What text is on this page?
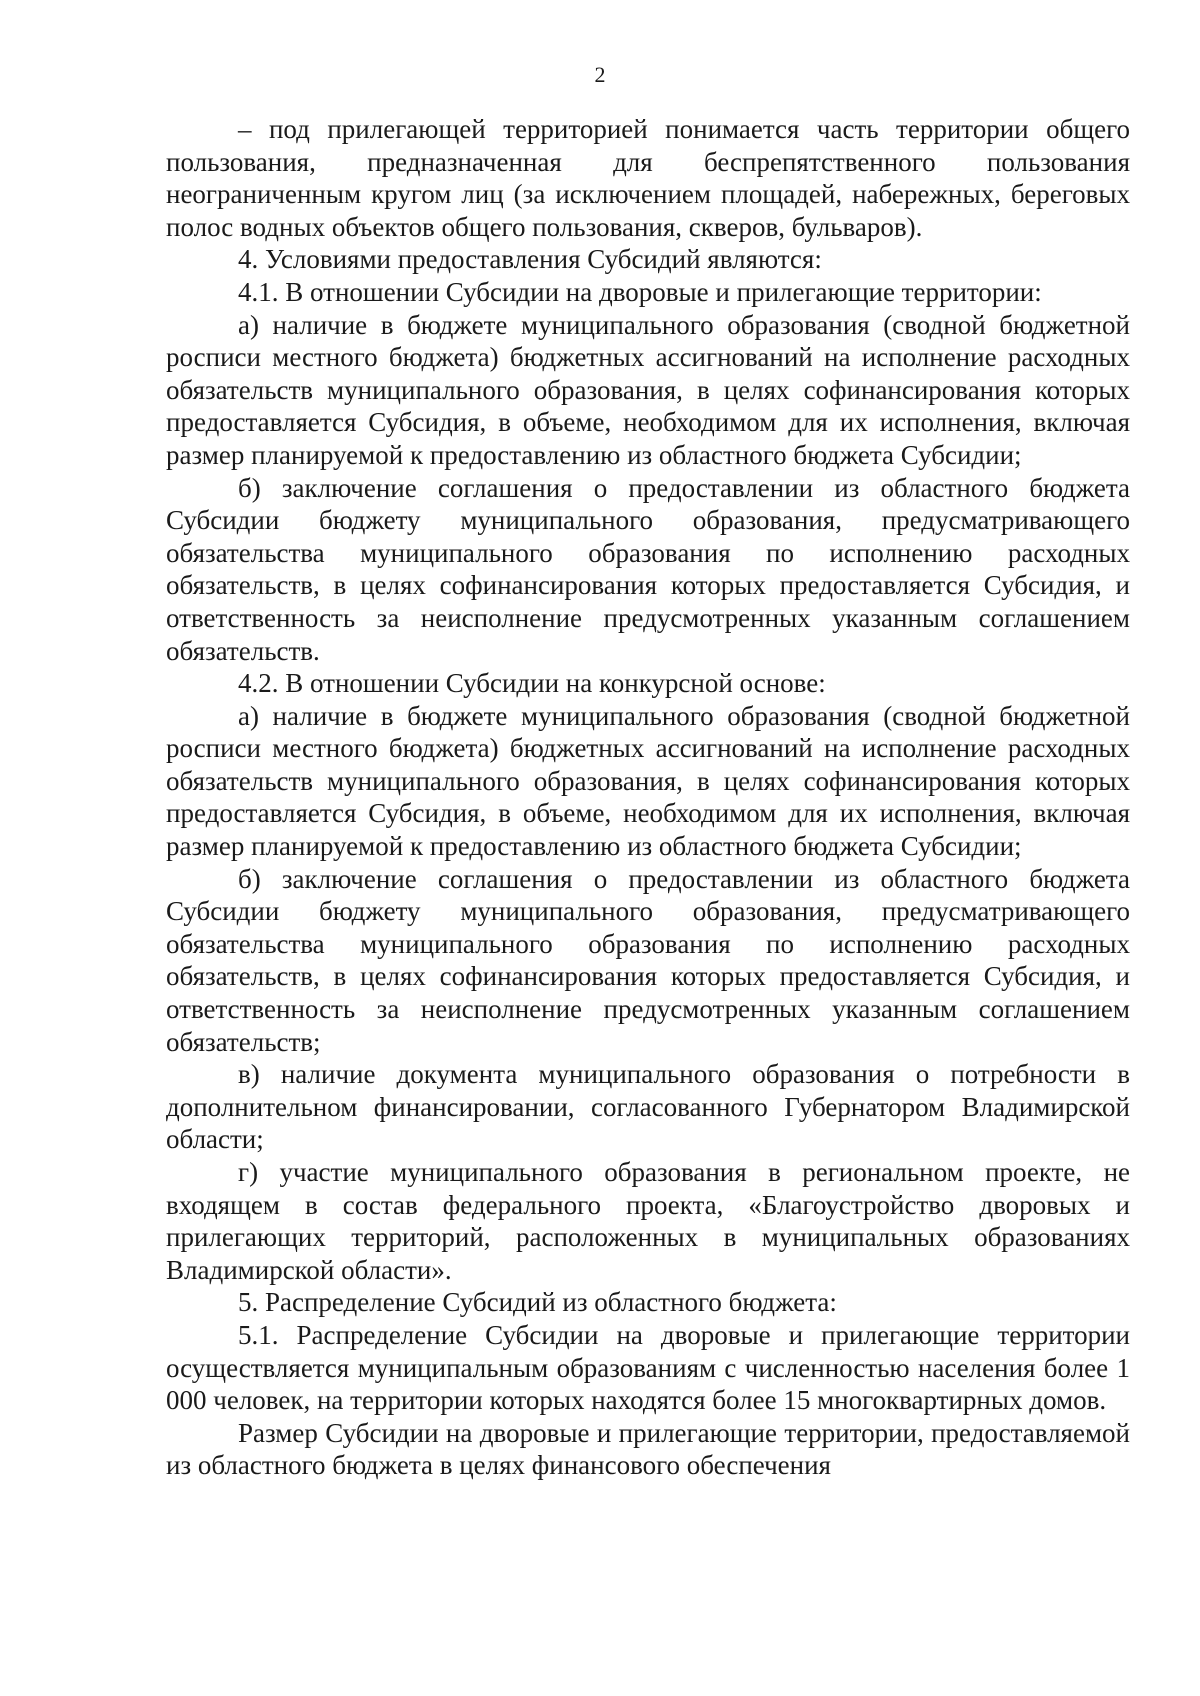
2

– под прилегающей территорией понимается часть территории общего пользования, предназначенная для беспрепятственного пользования неограниченным кругом лиц (за исключением площадей, набережных, береговых полос водных объектов общего пользования, скверов, бульваров).

4. Условиями предоставления Субсидий являются:

4.1. В отношении Субсидии на дворовые и прилегающие территории:

а) наличие в бюджете муниципального образования (сводной бюджетной росписи местного бюджета) бюджетных ассигнований на исполнение расходных обязательств муниципального образования, в целях софинансирования которых предоставляется Субсидия, в объеме, необходимом для их исполнения, включая размер планируемой к предоставлению из областного бюджета Субсидии;

б) заключение соглашения о предоставлении из областного бюджета Субсидии бюджету муниципального образования, предусматривающего обязательства муниципального образования по исполнению расходных обязательств, в целях софинансирования которых предоставляется Субсидия, и ответственность за неисполнение предусмотренных указанным соглашением обязательств.

4.2. В отношении Субсидии на конкурсной основе:

а) наличие в бюджете муниципального образования (сводной бюджетной росписи местного бюджета) бюджетных ассигнований на исполнение расходных обязательств муниципального образования, в целях софинансирования которых предоставляется Субсидия, в объеме, необходимом для их исполнения, включая размер планируемой к предоставлению из областного бюджета Субсидии;

б) заключение соглашения о предоставлении из областного бюджета Субсидии бюджету муниципального образования, предусматривающего обязательства муниципального образования по исполнению расходных обязательств, в целях софинансирования которых предоставляется Субсидия, и ответственность за неисполнение предусмотренных указанным соглашением обязательств;

в) наличие документа муниципального образования о потребности в дополнительном финансировании, согласованного Губернатором Владимирской области;

г) участие муниципального образования в региональном проекте, не входящем в состав федерального проекта, «Благоустройство дворовых и прилегающих территорий, расположенных в муниципальных образованиях Владимирской области».

5. Распределение Субсидий из областного бюджета:

5.1. Распределение Субсидии на дворовые и прилегающие территории осуществляется муниципальным образованиям с численностью населения более 1 000 человек, на территории которых находятся более 15 многоквартирных домов.

Размер Субсидии на дворовые и прилегающие территории, предоставляемой из областного бюджета в целях финансового обеспечения
